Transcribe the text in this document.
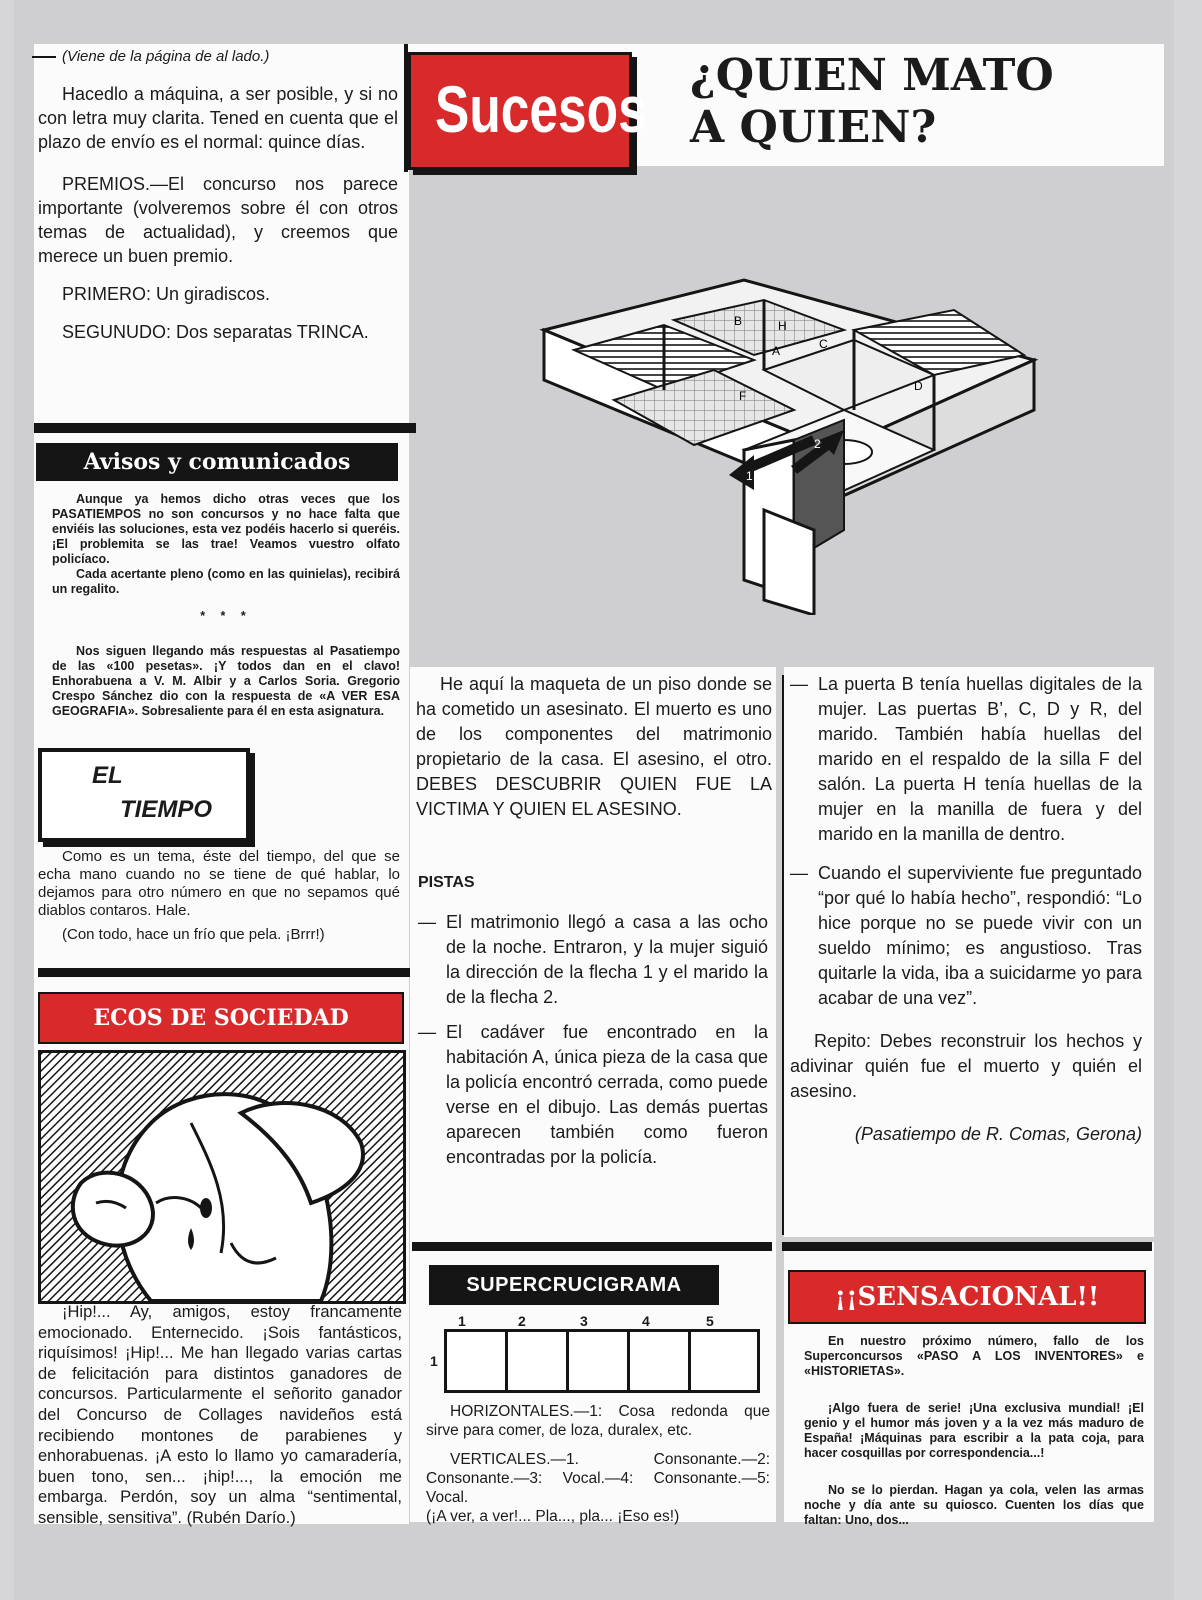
(Viene de la página de al lado.)

Hacedlo a máquina, a ser posible, y si no con letra muy clarita. Tened en cuenta que el plazo de envío es el normal: quince días.

PREMIOS.—El concurso nos parece importante (volveremos sobre él con otros temas de actualidad), y creemos que merece un buen premio.

PRIMERO: Un giradiscos.

SEGUNUDO: Dos separatas TRINCA.

Avisos y comunicados

Aunque ya hemos dicho otras veces que los PASATIEMPOS no son concursos y no hace falta que enviéis las soluciones, esta vez podéis hacerlo si queréis. ¡El problemita se las trae! Veamos vuestro olfato policíaco.

Cada acertante pleno (como en las quinielas), recibirá un regalito.

* * *

Nos siguen llegando más respuestas al Pasatiempo de las «100 pesetas». ¡Y todos dan en el clavo! Enhorabuena a V. M. Albir y a Carlos Soria. Gregorio Crespo Sánchez dio con la respuesta de «A VER ESA GEOGRAFIA». Sobresaliente para él en esta asignatura.

EL
TIEMPO

Como es un tema, éste del tiempo, del que se echa mano cuando no se tiene de qué hablar, lo dejamos para otro número en que no sepamos qué diablos contaros. Hale.

(Con todo, hace un frío que pela. ¡Brrr!)

ECOS DE SOCIEDAD

¡Hip!... Ay, amigos, estoy francamente emocionado. Enternecido. ¡Sois fantásticos, riquísimos! ¡Hip!... Me han llegado varias cartas de felicitación para distintos ganadores de concursos. Particularmente el señorito ganador del Concurso de Collages navideños está recibiendo montones de parabienes y enhorabuenas. ¡A esto lo llamo yo camaradería, buen tono, sen... ¡hip!..., la emoción me embarga. Perdón, soy un alma “sentimental, sensible, sensitiva”. (Rubén Darío.)

Sucesos ¿QUIEN MATO
A QUIEN?
A
B
C
D
H
F
1
2

He aquí la maqueta de un piso donde se ha cometido un asesinato. El muerto es uno de los componentes del matrimonio propietario de la casa. El asesino, el otro. DEBES DESCUBRIR QUIEN FUE LA VICTIMA Y QUIEN EL ASESINO.

PISTAS

— El matrimonio llegó a casa a las ocho de la noche. Entraron, y la mujer siguió la dirección de la flecha 1 y el marido la de la flecha 2.

— El cadáver fue encontrado en la habitación A, única pieza de la casa que la policía encontró cerrada, como puede verse en el dibujo. Las demás puertas aparecen también como fueron encontradas por la policía.

— La puerta B tenía huellas digitales de la mujer. Las puertas B’, C, D y R, del marido. También había huellas del marido en el respaldo de la silla F del salón. La puerta H tenía huellas de la mujer en la manilla de fuera y del marido en la manilla de dentro.

— Cuando el superviviente fue preguntado “por qué lo había hecho”, respondió: “Lo hice porque no se puede vivir con un sueldo mínimo; es angustioso. Tras quitarle la vida, iba a suicidarme yo para acabar de una vez”.

Repito: Debes reconstruir los hechos y adivinar quién fue el muerto y quién el asesino.

(Pasatiempo de R. Comas, Gerona)

SUPERCRUCIGRAMA
1	2	3	4	5
1

HORIZONTALES.—1: Cosa redonda que sirve para comer, de loza, duralex, etc.

VERTICALES.—1. Consonante.—2: Consonante.—3: Vocal.—4: Consonante.—5: Vocal.

(¡A ver, a ver!... Pla..., pla... ¡Eso es!)

¡¡SENSACIONAL!!

En nuestro próximo número, fallo de los Superconcursos «PASO A LOS INVENTORES» e «HISTORIETAS».

¡Algo fuera de serie! ¡Una exclusiva mundial! ¡El genio y el humor más joven y a la vez más maduro de España! ¡Máquinas para escribir a la pata coja, para hacer cosquillas por correspondencia...!

No se lo pierdan. Hagan ya cola, velen las armas noche y día ante su quiosco. Cuenten los días que faltan: Uno, dos...
